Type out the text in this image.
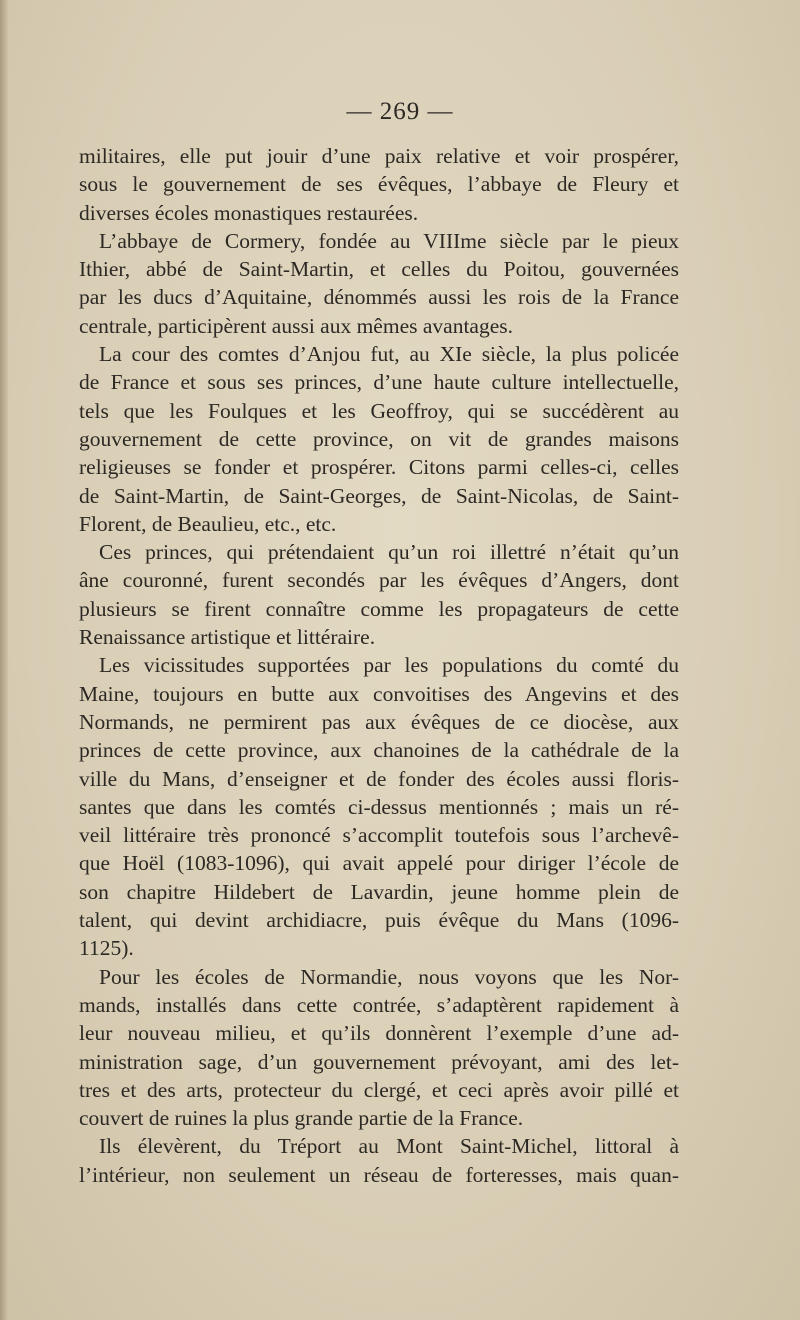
— 269 —
militaires, elle put jouir d’une paix relative et voir prospérer,
sous le gouvernement de ses évêques, l’abbaye de Fleury et
diverses écoles monastiques restaurées.
L’abbaye de Cormery, fondée au VIIIme siècle par le pieux
Ithier, abbé de Saint-Martin, et celles du Poitou, gouvernées
par les ducs d’Aquitaine, dénommés aussi les rois de la France
centrale, participèrent aussi aux mêmes avantages.
La cour des comtes d’Anjou fut, au XIe siècle, la plus policée
de France et sous ses princes, d’une haute culture intellectuelle,
tels que les Foulques et les Geoffroy, qui se succédèrent au
gouvernement de cette province, on vit de grandes maisons
religieuses se fonder et prospérer. Citons parmi celles-ci, celles
de Saint-Martin, de Saint-Georges, de Saint-Nicolas, de Saint-
Florent, de Beaulieu, etc., etc.
Ces princes, qui prétendaient qu’un roi illettré n’était qu’un
âne couronné, furent secondés par les évêques d’Angers, dont
plusieurs se firent connaître comme les propagateurs de cette
Renaissance artistique et littéraire.
Les vicissitudes supportées par les populations du comté du
Maine, toujours en butte aux convoitises des Angevins et des
Normands, ne permirent pas aux évêques de ce diocèse, aux
princes de cette province, aux chanoines de la cathédrale de la
ville du Mans, d’enseigner et de fonder des écoles aussi floris-
santes que dans les comtés ci-dessus mentionnés ; mais un ré-
veil littéraire très prononcé s’accomplit toutefois sous l’archevê-
que Hoël (1083-1096), qui avait appelé pour diriger l’école de
son chapitre Hildebert de Lavardin, jeune homme plein de
talent, qui devint archidiacre, puis évêque du Mans (1096-
1125).
Pour les écoles de Normandie, nous voyons que les Nor-
mands, installés dans cette contrée, s’adaptèrent rapidement à
leur nouveau milieu, et qu’ils donnèrent l’exemple d’une ad-
ministration sage, d’un gouvernement prévoyant, ami des let-
tres et des arts, protecteur du clergé, et ceci après avoir pillé et
couvert de ruines la plus grande partie de la France.
Ils élevèrent, du Tréport au Mont Saint-Michel, littoral à
l’intérieur, non seulement un réseau de forteresses, mais quan-
